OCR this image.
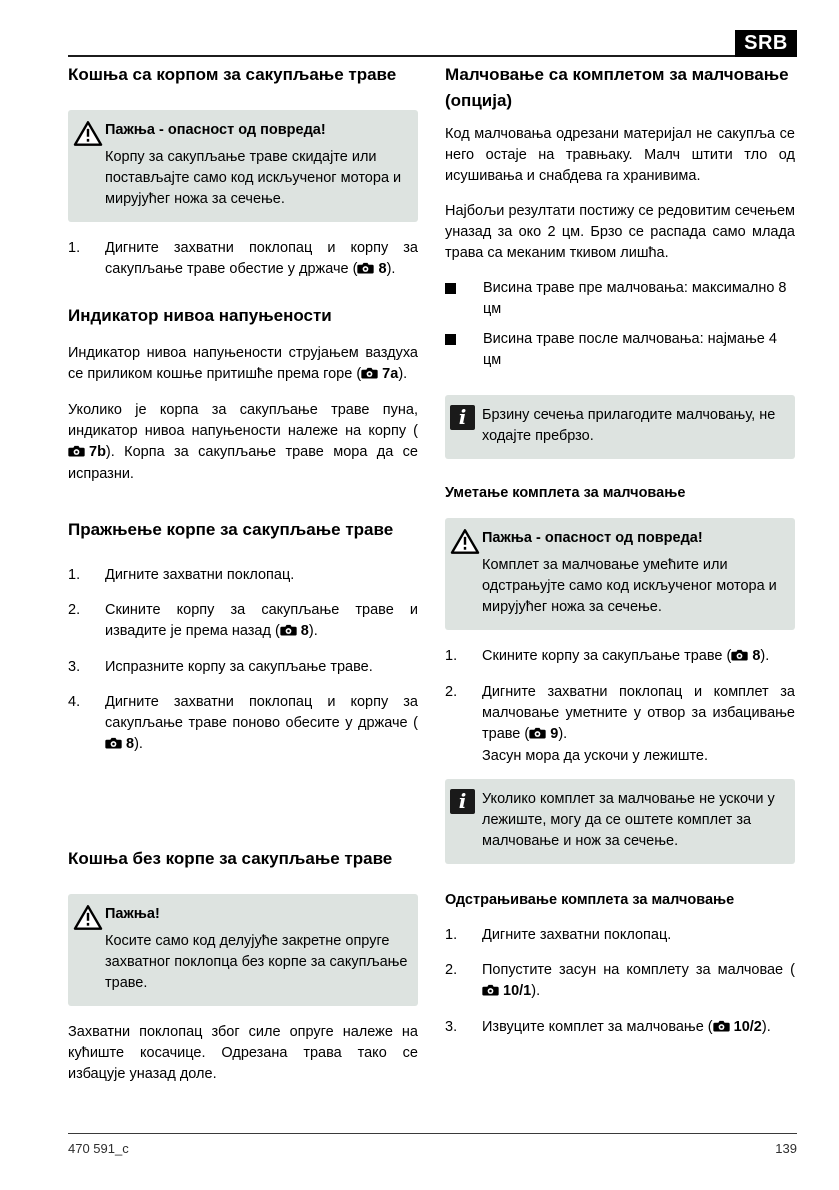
SRB
Кошња са корпом за сакупљање траве
Пажња - опасност од повреда!
Корпу за сакупљање траве скидајте или постављајте само код искљученог мотора и мирујућег ножа за сечење.
1.	Дигните захватни поклопац и корпу за сакупљање траве обестие у држаче ( 8).
Индикатор нивоа напуњености

Индикатор нивоа напуњености струјањем ваздуха се приликом кошње притишће према горе ( 7a).

Уколико је корпа за сакупљање траве пуна, индикатор нивоа напуњености належе на корпу (7b). Корпа за сакупљање траве мора да се испразни.

Пражњење корпе за сакупљање траве
1.	Дигните захватни поклопац.
2.	Скините корпу за сакупљање траве и извадите је према назад ( 8).
3.	Испразните корпу за сакупљање траве.
4.	Дигните захватни поклопац и корпу за сакупљање траве поново обесите у држаче (8).
Кошња без корпе за сакупљање траве
Пажња!
Косите само код делујуће закретне опруге захватног поклопца без корпе за сакупљање траве.

Захватни поклопац због силе опруге належе на кућиште косачице. Одрезана трава тако се избацује уназад доле.

Малчовање са комплетом за малчовање
(опција)

Код малчовања одрезани материјал не сакупља се него остаје на травњаку. Малч штити тло од исушивања и снабдева га хранивима.

Најбољи резултати постижу се редовитим сечењем уназад за око 2 цм. Брзо се распада само млада трава са меканим ткивом лишћа.

Висина траве пре малчовања: максимално 8 цм
Висина траве после малчовања: најмање 4 цм
i	Брзину сечења прилагодите малчовању, не ходајте пребрзо.
Уметање комплета за малчовање
Пажња - опасност од повреда!
Комплет за малчовање умећите или одстрањујте само код искљученог мотора и мирујућег ножа за сечење.
1.	Скините корпу за сакупљање траве ( 8).
2.	Дигните захватни поклопац и комплет за малчовање уметните у отвор за избацивање траве ( 9).
Засун мора да ускочи у лежиште.
i	Уколико комплет за малчовање не ускочи у лежиште, могу да се оштете комплет за малчовање и нож за сечење.
Одстрањивање комплета за малчовање
1.	Дигните захватни поклопац.
2.	Попустите засун на комплету за малчовае (10/1).
3.	Извуците комплет за малчовање ( 10/2).
470 591_c	139
